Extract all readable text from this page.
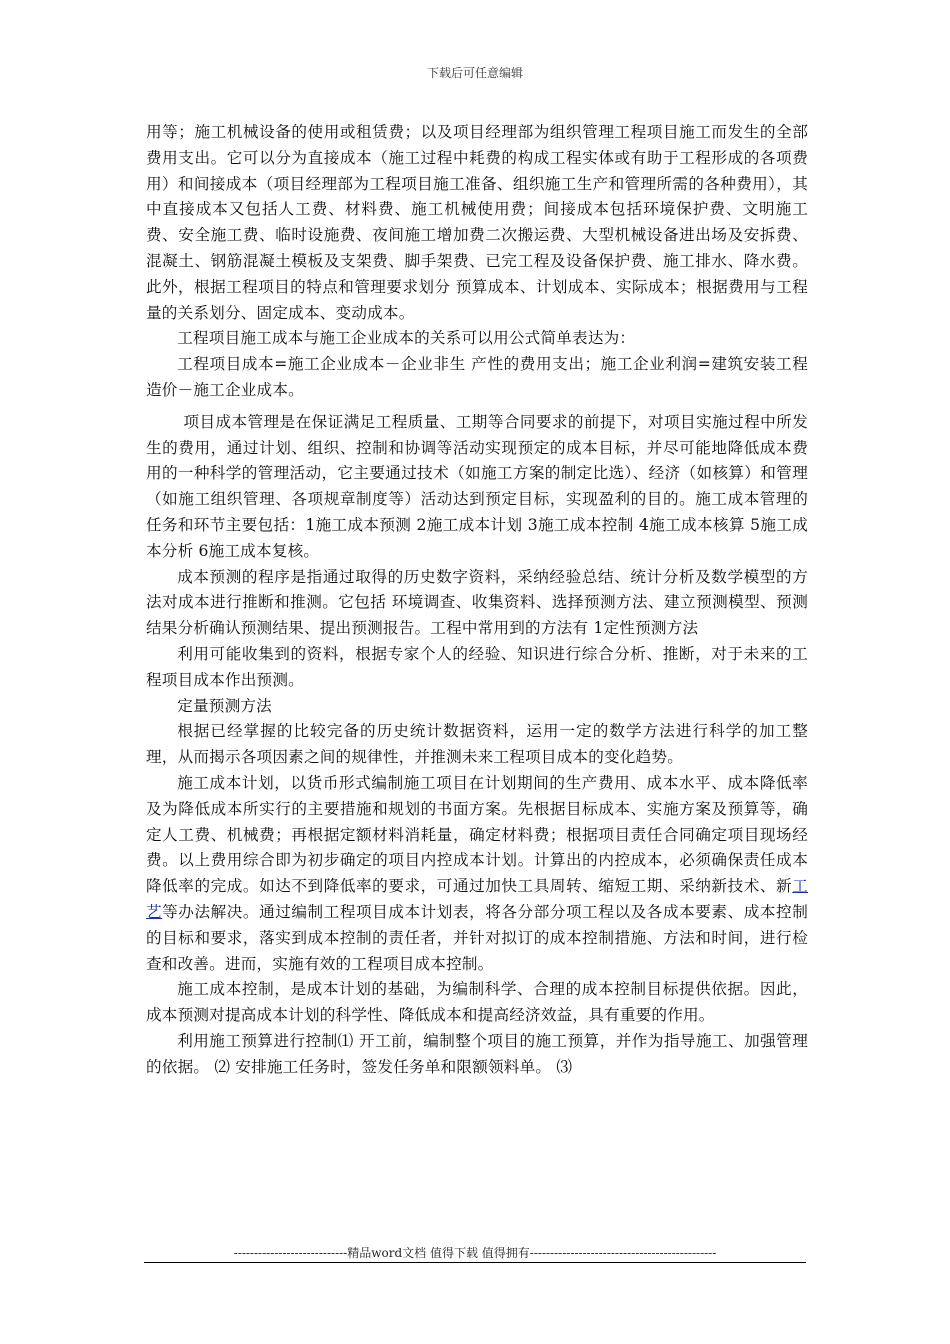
下载后可任意编辑

用等；施工机械设备的使用或租赁费；以及项目经理部为组织管理工程项目施工而发生的全部费用支出。它可以分为直接成本（施工过程中耗费的构成工程实体或有助于工程形成的各项费用）和间接成本（项目经理部为工程项目施工准备、组织施工生产和管理所需的各种费用），其中直接成本又包括人工费、材料费、施工机械使用费；间接成本包括环境保护费、文明施工费、安全施工费、临时设施费、夜间施工增加费二次搬运费、大型机械设备进出场及安拆费、混凝土、钢筋混凝土模板及支架费、脚手架费、已完工程及设备保护费、施工排水、降水费。此外，根据工程项目的特点和管理要求划分 预算成本、计划成本、实际成本；根据费用与工程量的关系划分、固定成本、变动成本。

工程项目施工成本与施工企业成本的关系可以用公式简单表达为：

工程项目成本=施工企业成本－企业非生 产性的费用支出；施工企业利润=建筑安装工程造价－施工企业成本。

项目成本管理是在保证满足工程质量、工期等合同要求的前提下，对项目实施过程中所发生的费用，通过计划、组织、控制和协调等活动实现预定的成本目标，并尽可能地降低成本费用的一种科学的管理活动，它主要通过技术（如施工方案的制定比选）、经济（如核算）和管理（如施工组织管理、各项规章制度等）活动达到预定目标，实现盈利的目的。施工成本管理的任务和环节主要包括：1施工成本预测 2施工成本计划 3施工成本控制 4施工成本核算 5施工成本分析 6施工成本复核。

成本预测的程序是指通过取得的历史数字资料，采纳经验总结、统计分析及数学模型的方法对成本进行推断和推测。它包括 环境调查、收集资料、选择预测方法、建立预测模型、预测结果分析确认预测结果、提出预测报告。工程中常用到的方法有 1定性预测方法

利用可能收集到的资料，根据专家个人的经验、知识进行综合分析、推断，对于未来的工程项目成本作出预测。

定量预测方法

根据已经掌握的比较完备的历史统计数据资料，运用一定的数学方法进行科学的加工整理，从而揭示各项因素之间的规律性，并推测未来工程项目成本的变化趋势。

施工成本计划，以货币形式编制施工项目在计划期间的生产费用、成本水平、成本降低率及为降低成本所实行的主要措施和规划的书面方案。先根据目标成本、实施方案及预算等，确定人工费、机械费；再根据定额材料消耗量，确定材料费；根据项目责任合同确定项目现场经费。以上费用综合即为初步确定的项目内控成本计划。计算出的内控成本，必须确保责任成本降低率的完成。如达不到降低率的要求，可通过加快工具周转、缩短工期、采纳新技术、新工艺等办法解决。通过编制工程项目成本计划表，将各分部分项工程以及各成本要素、成本控制的目标和要求，落实到成本控制的责任者，并针对拟订的成本控制措施、方法和时间，进行检查和改善。进而，实施有效的工程项目成本控制。

施工成本控制，是成本计划的基础，为编制科学、合理的成本控制目标提供依据。因此，成本预测对提高成本计划的科学性、降低成本和提高经济效益，具有重要的作用。

利用施工预算进行控制⑴ 开工前，编制整个项目的施工预算，并作为指导施工、加强管理的依据。 ⑵ 安排施工任务时，签发任务单和限额领料单。 ⑶

----------------------------精品word文档 值得下载 值得拥有----------------------------------------------
